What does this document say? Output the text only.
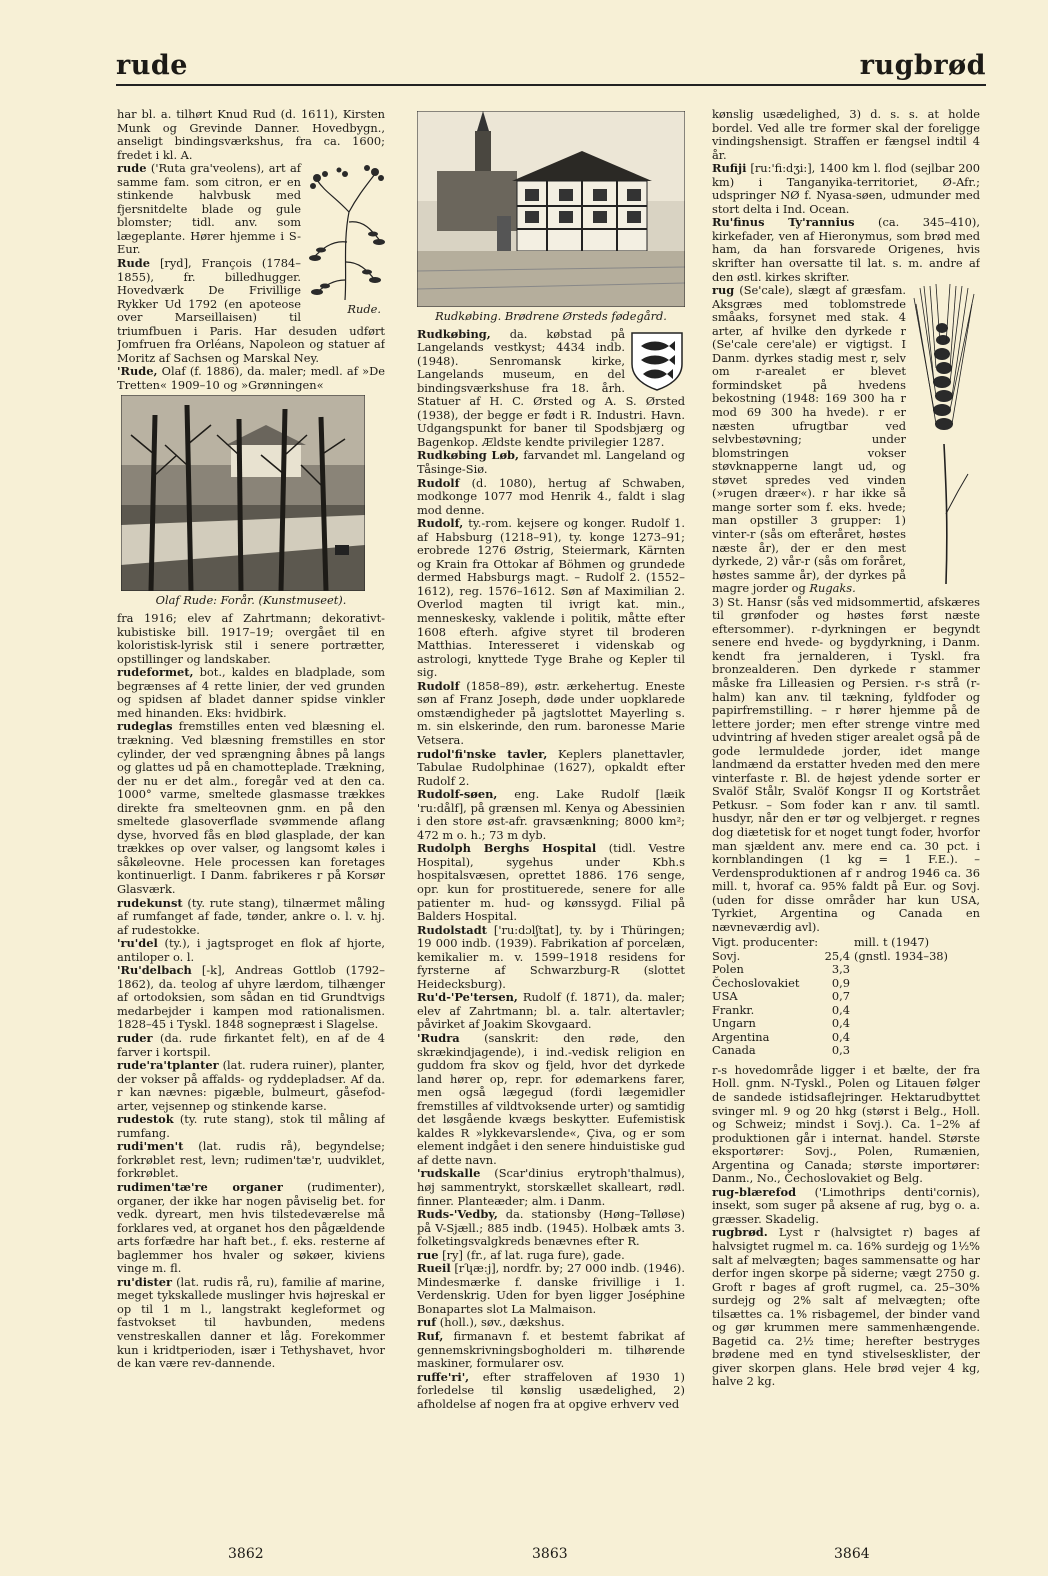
rude	rugbrød

har bl. a. tilhørt Knud Rud (d. 1611), Kirsten Munk og Grevinde Danner. Hovedbygn., anseligt bindingsværkshus, fra ca. 1600; fredet i kl. A.

Rude.
rude ('Ruta gra'veolens), art af samme fam. som citron, er en stinkende halvbusk med fjersnitdelte blade og gule blomster; tidl. anv. som lægeplante. Hører hjemme i S-Eur.

Rude [ryd], François (1784–1855), fr. billedhugger. Hovedværk De Frivillige Rykker Ud 1792 (en apoteose over Marseillaisen) til triumfbuen i Paris. Har desuden udført Jomfruen fra Orléans, Napoleon og statuer af Moritz af Sachsen og Marskal Ney.

'Rude, Olaf (f. 1886), da. maler; medl. af »De Tretten« 1909–10 og »Grønningen«

Olaf Rude: Forår. (Kunstmuseet).

fra 1916; elev af Zahrtmann; dekorativt-kubistiske bill. 1917–19; overgået til en koloristisk-lyrisk stil i senere portrætter, opstillinger og landskaber.

rudeformet, bot., kaldes en bladplade, som begrænses af 4 rette linier, der ved grunden og spidsen af bladet danner spidse vinkler med hinanden. Eks: hvidbirk.

rudeglas fremstilles enten ved blæsning el. trækning. Ved blæsning fremstilles en stor cylinder, der ved sprængning åbnes på langs og glattes ud på en chamotteplade. Trækning, der nu er det alm., foregår ved at den ca. 1000° varme, smeltede glasmasse trækkes direkte fra smelteovnen gnm. en på den smeltede glasoverflade svømmende aflang dyse, hvorved fås en blød glasplade, der kan trækkes op over valser, og langsomt køles i såkøleovne. Hele processen kan foretages kontinuerligt. I Danm. fabrikeres r på Korsør Glasværk.

rudekunst (ty. rute stang), tilnærmet måling af rumfanget af fade, tønder, ankre o. l. v. hj. af rudestokke.

'ru'del (ty.), i jagtsproget en flok af hjorte, antiloper o. l.

'Ru'delbach [-k], Andreas Gottlob (1792–1862), da. teolog af uhyre lærdom, tilhænger af ortodoksien, som sådan en tid Grundtvigs medarbejder i kampen mod rationalismen. 1828–45 i Tyskl. 1848 sognepræst i Slagelse.

ruder (da. rude firkantet felt), en af de 4 farver i kortspil.

rude'ra'tplanter (lat. rudera ruiner), planter, der vokser på affalds- og ryddepladser. Af da. r kan nævnes: pigæble, bulmeurt, gåsefod-arter, vejsennep og stinkende karse.

rudestok (ty. rute stang), stok til måling af rumfang.

rudi'men't (lat. rudis rå), begyndelse; forkrøblet rest, levn; rudimen'tæ'r, uudviklet, forkrøblet.

rudimen'tæ're organer (rudimenter), organer, der ikke har nogen påviselig bet. for vedk. dyreart, men hvis tilstedeværelse må forklares ved, at organet hos den pågældende arts forfædre har haft bet., f. eks. resterne af baglemmer hos hvaler og søkøer, kiviens vinge m. fl.

ru'dister (lat. rudis rå, ru), familie af marine, meget tykskallede muslinger hvis højreskal er op til 1 m l., langstrakt kegleformet og fastvokset til havbunden, medens venstreskallen danner et låg. Forekommer kun i kridtperioden, især i Tethyshavet, hvor de kan være rev-dannende.

Rudkøbing. Brødrene Ørsteds fødegård.

Rudkøbing,
da. købstad på Langelands vestkyst; 4434 indb. (1948). Senromansk kirke, Langelands museum, en del bindingsværkshuse fra 18. årh. Statuer af H. C. Ørsted og A. S. Ørsted (1938), der begge er født i R. Industri. Havn. Udgangspunkt for baner til Spodsbjærg og Bagenkop. Ældste kendte privilegier 1287.

Rudkøbing Løb, farvandet ml. Langeland og Tåsinge-Siø.

Rudolf (d. 1080), hertug af Schwaben, modkonge 1077 mod Henrik 4., faldt i slag mod denne.

Rudolf, ty.-rom. kejsere og konger. Rudolf 1. af Habsburg (1218–91), ty. konge 1273–91; erobrede 1276 Østrig, Steiermark, Kärnten og Krain fra Ottokar af Böhmen og grundede dermed Habsburgs magt. – Rudolf 2. (1552–1612), reg. 1576–1612. Søn af Maximilian 2. Overlod magten til ivrigt kat. min., menneskesky, vaklende i politik, måtte efter 1608 efterh. afgive styret til broderen Matthias. Interesseret i videnskab og astrologi, knyttede Tyge Brahe og Kepler til sig.

Rudolf (1858–89), østr. ærkehertug. Eneste søn af Franz Joseph, døde under uopklarede omstændigheder på jagtslottet Mayerling s. m. sin elskerinde, den rum. baronesse Marie Vetsera.

rudol'fi'nske tavler, Keplers planettavler, Tabulae Rudolphinae (1627), opkaldt efter Rudolf 2.

Rudolf-søen, eng. Lake Rudolf [læik 'ru:dålf], på grænsen ml. Kenya og Abessinien i den store øst-afr. gravsænkning; 8000 km²; 472 m o. h.; 73 m dyb.

Rudolph Berghs Hospital (tidl. Vestre Hospital), sygehus under Kbh.s hospitalsvæsen, oprettet 1886. 176 senge, opr. kun for prostituerede, senere for alle patienter m. hud- og kønssygd. Filial på Balders Hospital.

Rudolstadt ['ru:dɔlʃtat], ty. by i Thüringen; 19 000 indb. (1939). Fabrikation af porcelæn, kemikalier m. v. 1599–1918 residens for fyrsterne af Schwarzburg-R (slottet Heidecksburg).

Ru'd-'Pe'tersen, Rudolf (f. 1871), da. maler; elev af Zahrtmann; bl. a. talr. altertavler; påvirket af Joakim Skovgaard.

'Rudra (sanskrit: den røde, den skrækindjagende), i ind.-vedisk religion en guddom fra skov og fjeld, hvor det dyrkede land hører op, repr. for ødemarkens farer, men også lægegud (fordi lægemidler fremstilles af vildtvoksende urter) og samtidig det løsgående kvægs beskytter. Eufemistisk kaldes R »lykkevarslende«, Çiva, og er som element indgået i den senere hinduistiske gud af dette navn.

'rudskalle (Scar'dinius erytroph'thalmus), høj sammentrykt, storskællet skalleart, rødl. finner. Planteæder; alm. i Danm.

Ruds-'Vedby, da. stationsby (Høng–Tølløse) på V-Sjæll.; 885 indb. (1945). Holbæk amts 3. folketingsvalgkreds benævnes efter R.

rue [ry] (fr., af lat. ruga fure), gade.

Rueil [rʮæ:j], nordfr. by; 27 000 indb. (1946). Mindesmærke f. danske frivillige i 1. Verdenskrig. Uden for byen ligger Joséphine Bonapartes slot La Malmaison.

ruf (holl.), søv., dækshus.

Ruf, firmanavn f. et bestemt fabrikat af gennemskrivningsbogholderi m. tilhørende maskiner, formularer osv.

ruffe'ri', efter straffeloven af 1930 1) forledelse til kønslig usædelighed, 2) afholdelse af nogen fra at opgive erhverv ved

kønslig usædelighed, 3) d. s. s. at holde bordel. Ved alle tre former skal der foreligge vindingshensigt. Straffen er fængsel indtil 4 år.

Rufiji [ru:'fi:dʒi:], 1400 km l. flod (sejlbar 200 km) i Tanganyika-territoriet, Ø-Afr.; udspringer NØ f. Nyasa-søen, udmunder med stort delta i Ind. Ocean.

Ru'finus Ty'rannius (ca. 345–410), kirkefader, ven af Hieronymus, som brød med ham, da han forsvarede Origenes, hvis skrifter han oversatte til lat. s. m. andre af den østl. kirkes skrifter.

rug (Se'cale), slægt af græsfam. Aksgræs med toblomstrede småaks, forsynet med stak. 4 arter, af hvilke den dyrkede r (Se'cale cere'ale) er vigtigst. I Danm. dyrkes stadig mest r, selv om r-arealet er blevet formindsket på hvedens bekostning (1948: 169 300 ha r mod 69 300 ha hvede). r er næsten ufrugtbar ved selvbestøvning; under blomstringen vokser støvknapperne langt ud, og støvet spredes ved vinden (»rugen dræer«). r har ikke så mange sorter som f. eks. hvede; man opstiller 3 grupper: 1) vinter-r (sås om efteråret, høstes næste år), der er den mest dyrkede, 2) vår-r (sås om foråret, høstes samme år), der dyrkes på magre jorder og Rugaks.

3) St. Hansr (sås ved midsommertid, afskæres til grønfoder og høstes først næste eftersommer). r-dyrkningen er begyndt senere end hvede- og bygdyrkning, i Danm. kendt fra jernalderen, i Tyskl. fra bronzealderen. Den dyrkede r stammer måske fra Lilleasien og Persien. r-s strå (r-halm) kan anv. til tækning, fyldfoder og papirfremstilling. – r hører hjemme på de lettere jorder; men efter strenge vintre med udvintring af hveden stiger arealet også på de gode lermuldede jorder, idet mange landmænd da erstatter hveden med den mere vinterfaste r. Bl. de højest ydende sorter er Svalöf Stålr, Svalöf Kongsr II og Kortstrået Petkusr. – Som foder kan r anv. til samtl. husdyr, når den er tør og velbjerget. r regnes dog diætetisk for et noget tungt foder, hvorfor man sjældent anv. mere end ca. 30 pct. i kornblandingen (1 kg = 1 F.E.). – Verdensproduktionen af r androg 1946 ca. 36 mill. t, hvoraf ca. 95% faldt på Eur. og Sovj. (uden for disse områder har kun USA, Tyrkiet, Argentina og Canada en nævneværdig avl).

Vigt. producenter:		mill. t (1947)
Sovj.	25,4	(gnstl. 1934–38)
Polen	3,3	
Čechoslovakiet	0,9	
USA	0,7	
Frankr.	0,4	
Ungarn	0,4	
Argentina	0,4	
Canada	0,3	

r-s hovedområde ligger i et bælte, der fra Holl. gnm. N-Tyskl., Polen og Litauen følger de sandede istidsaflejringer. Hektarudbyttet svinger ml. 9 og 20 hkg (størst i Belg., Holl. og Schweiz; mindst i Sovj.). Ca. 1–2% af produktionen går i internat. handel. Største eksportører: Sovj., Polen, Rumænien, Argentina og Canada; største importører: Danm., No., Čechoslovakiet og Belg.

rug-blærefod ('Limothrips denti'cornis), insekt, som suger på aksene af rug, byg o. a. græsser. Skadelig.

rugbrød. Lyst r (halvsigtet r) bages af halvsigtet rugmel m. ca. 16% surdejg og 1½% salt af melvægten; bages sammensatte og har derfor ingen skorpe på siderne; vægt 2750 g. Groft r bages af groft rugmel, ca. 25–30% surdejg og 2% salt af melvægten; ofte tilsættes ca. 1% risbagemel, der binder vand og gør krummen mere sammenhængende. Bagetid ca. 2½ time; herefter bestryges brødene med en tynd stivelsesklister, der giver skorpen glans. Hele brød vejer 4 kg, halve 2 kg.

3862	3863	3864
